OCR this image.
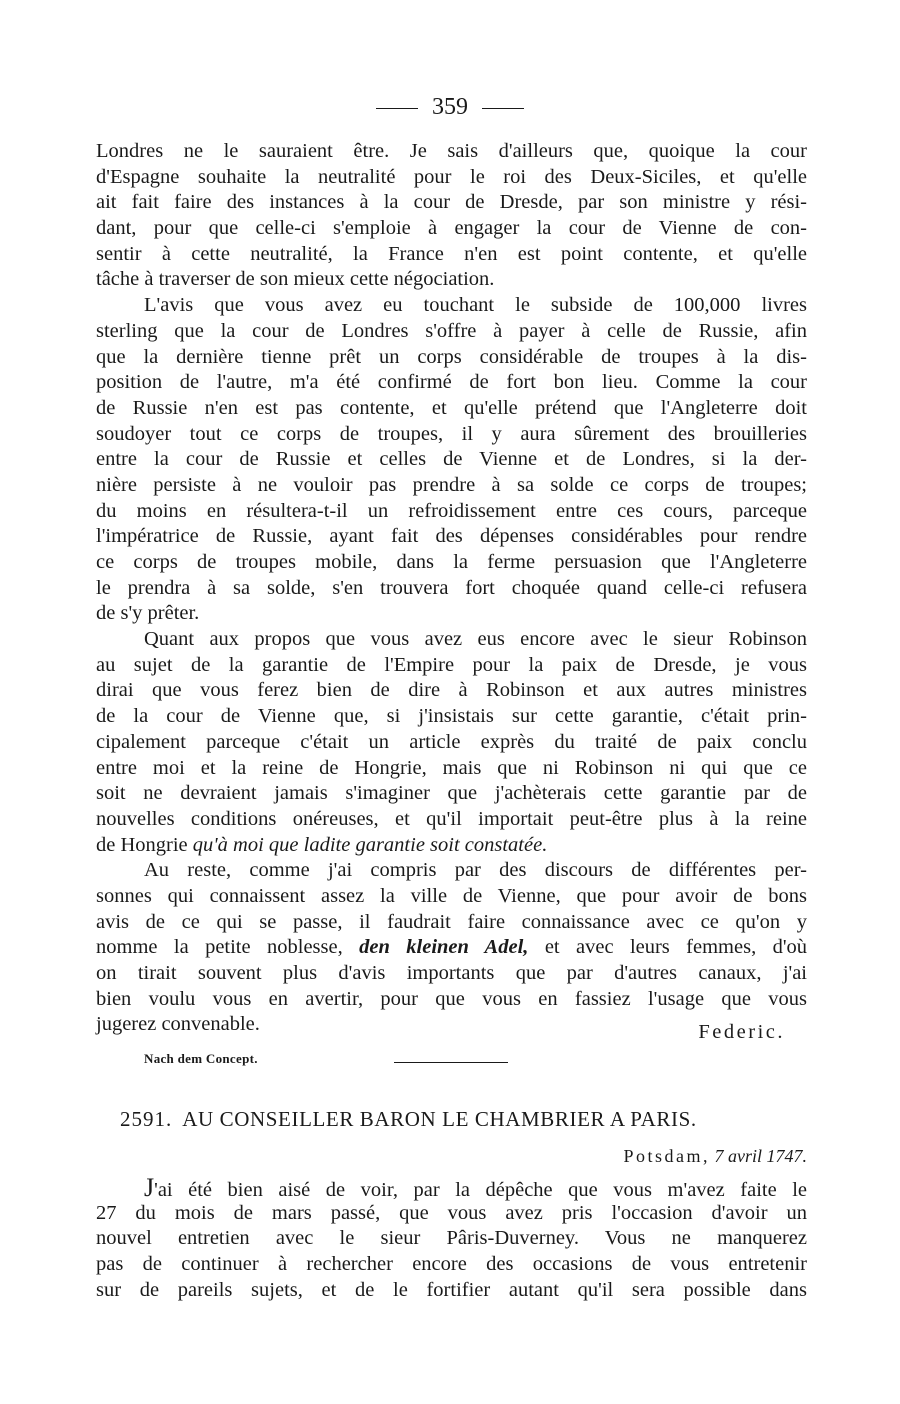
359
Londres ne le sauraient être. Je sais d'ailleurs que, quoique la cour
d'Espagne souhaite la neutralité pour le roi des Deux-Siciles, et qu'elle
ait fait faire des instances à la cour de Dresde, par son ministre y rési-
dant, pour que celle-ci s'emploie à engager la cour de Vienne de con-
sentir à cette neutralité, la France n'en est point contente, et qu'elle
tâche à traverser de son mieux cette négociation.
L'avis que vous avez eu touchant le subside de 100,000 livres
sterling que la cour de Londres s'offre à payer à celle de Russie, afin
que la dernière tienne prêt un corps considérable de troupes à la dis-
position de l'autre, m'a été confirmé de fort bon lieu. Comme la cour
de Russie n'en est pas contente, et qu'elle prétend que l'Angleterre doit
soudoyer tout ce corps de troupes, il y aura sûrement des brouilleries
entre la cour de Russie et celles de Vienne et de Londres, si la der-
nière persiste à ne vouloir pas prendre à sa solde ce corps de troupes;
du moins en résultera-t-il un refroidissement entre ces cours, parceque
l'impératrice de Russie, ayant fait des dépenses considérables pour rendre
ce corps de troupes mobile, dans la ferme persuasion que l'Angleterre
le prendra à sa solde, s'en trouvera fort choquée quand celle-ci refusera
de s'y prêter.
Quant aux propos que vous avez eus encore avec le sieur Robinson
au sujet de la garantie de l'Empire pour la paix de Dresde, je vous
dirai que vous ferez bien de dire à Robinson et aux autres ministres
de la cour de Vienne que, si j'insistais sur cette garantie, c'était prin-
cipalement parceque c'était un article exprès du traité de paix conclu
entre moi et la reine de Hongrie, mais que ni Robinson ni qui que ce
soit ne devraient jamais s'imaginer que j'achèterais cette garantie par de
nouvelles conditions onéreuses, et qu'il importait peut-être plus à la reine
de Hongrie qu'à moi que ladite garantie soit constatée.
Au reste, comme j'ai compris par des discours de différentes per-
sonnes qui connaissent assez la ville de Vienne, que pour avoir de bons
avis de ce qui se passe, il faudrait faire connaissance avec ce qu'on y
nomme la petite noblesse, den kleinen Adel, et avec leurs femmes, d'où
on tirait souvent plus d'avis importants que par d'autres canaux, j'ai
bien voulu vous en avertir, pour que vous en fassiez l'usage que vous
jugerez convenable.	Federic.
Nach dem Concept.
2591. AU CONSEILLER BARON LE CHAMBRIER A PARIS.
Potsdam, 7 avril 1747.
J'ai été bien aisé de voir, par la dépêche que vous m'avez faite le
27 du mois de mars passé, que vous avez pris l'occasion d'avoir un
nouvel entretien avec le sieur Pâris-Duverney. Vous ne manquerez
pas de continuer à rechercher encore des occasions de vous entretenir
sur de pareils sujets, et de le fortifier autant qu'il sera possible dans
